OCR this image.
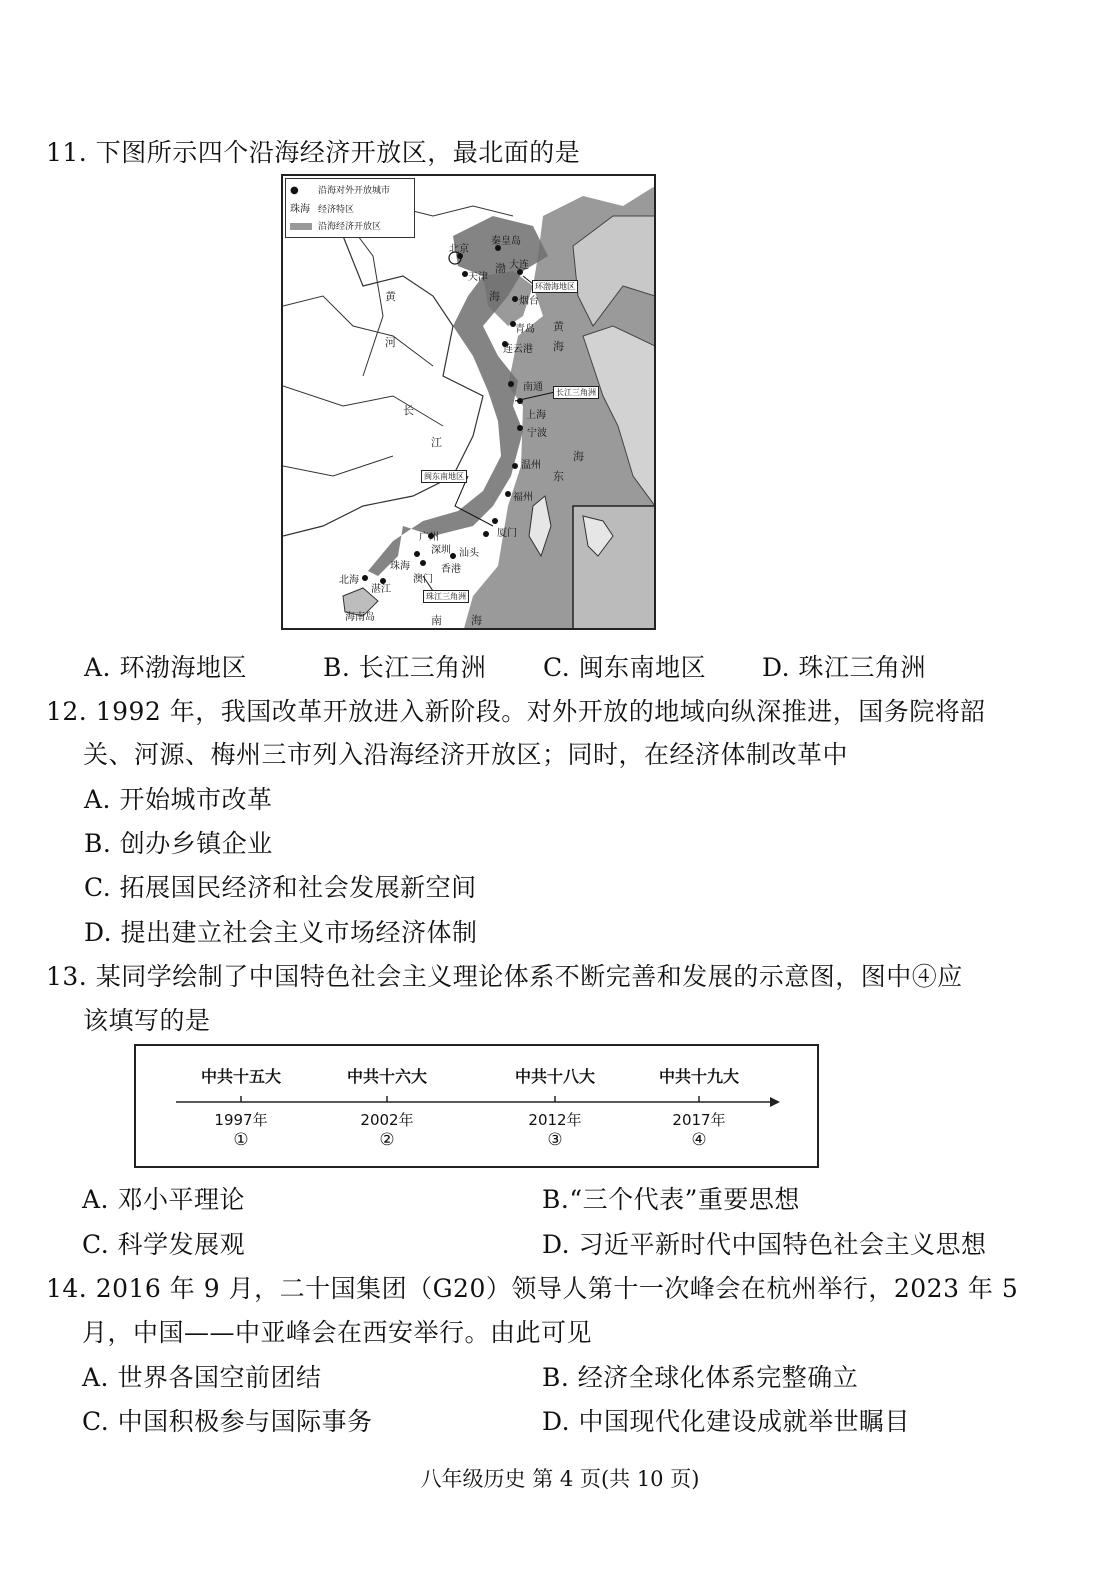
11. 下图所示四个沿海经济开放区，最北面的是
● 沿海对外开放城市
珠海 经济特区
沿海经济开放区
北京
秦皇岛
天津
大连
烟台
青岛
连云港
南通
上海
宁波
温州
福州
厦门
汕头
深圳
广州
珠海
澳门
香港
湛江
北海
海南岛
环渤海地区
长江三角洲
闽东南地区
珠江三角洲
黄
河
长
江
渤
海
黄
海
东
海
南	海
A. 环渤海地区	B. 长江三角洲 C. 闽东南地区 D. 珠江三角洲
12. 1992 年，我国改革开放进入新阶段。对外开放的地域向纵深推进，国务院将韶
关、河源、梅州三市列入沿海经济开放区；同时，在经济体制改革中
A. 开始城市改革
B. 创办乡镇企业
C. 拓展国民经济和社会发展新空间
D. 提出建立社会主义市场经济体制
13. 某同学绘制了中国特色社会主义理论体系不断完善和发展的示意图，图中④应
该填写的是
中共十五大
1997年
①
中共十六大
2002年
②
中共十八大
2012年
③
中共十九大
2017年
④
A. 邓小平理论	B.“三个代表”重要思想
C. 科学发展观	D. 习近平新时代中国特色社会主义思想
14. 2016 年 9 月，二十国集团（G20）领导人第十一次峰会在杭州举行，2023 年 5
月，中国——中亚峰会在西安举行。由此可见
A. 世界各国空前团结	B. 经济全球化体系完整确立
C. 中国积极参与国际事务	D. 中国现代化建设成就举世瞩目
八年级历史 第 4 页(共 10 页)
